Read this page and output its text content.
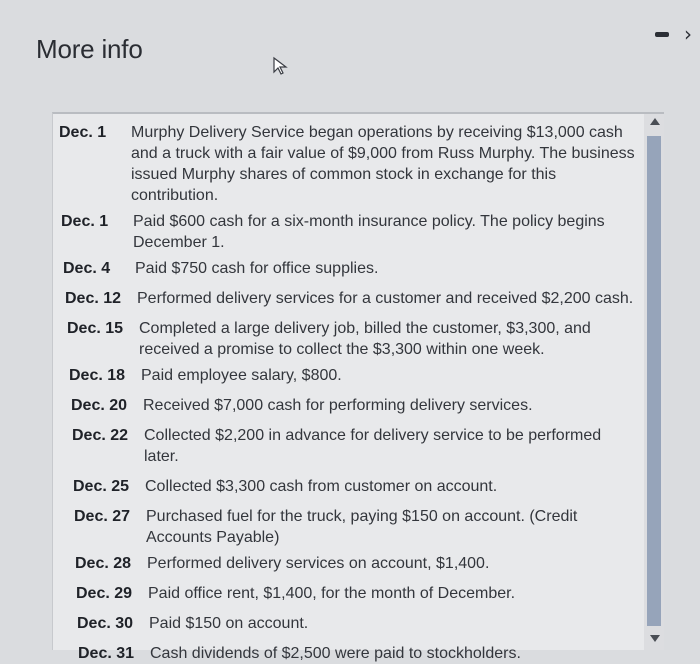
More info	›
Dec. 1	Murphy Delivery Service began operations by receiving $13,000 cash and a truck with a fair value of $9,000 from Russ Murphy. The business issued Murphy shares of common stock in exchange for this contribution.
Dec. 1	Paid $600 cash for a six-month insurance policy. The policy begins December 1.
Dec. 4	Paid $750 cash for office supplies.
Dec. 12 Performed delivery services for a customer and received $2,200 cash.
Dec. 15 Completed a large delivery job, billed the customer, $3,300, and received a promise to collect the $3,300 within one week.
Dec. 18 Paid employee salary, $800.
Dec. 20 Received $7,000 cash for performing delivery services.
Dec. 22 Collected $2,200 in advance for delivery service to be performed later.
Dec. 25 Collected $3,300 cash from customer on account.
Dec. 27 Purchased fuel for the truck, paying $150 on account. (Credit Accounts Payable)
Dec. 28 Performed delivery services on account, $1,400.
Dec. 29 Paid office rent, $1,400, for the month of December.
Dec. 30 Paid $150 on account.
Dec. 31 Cash dividends of $2,500 were paid to stockholders.
